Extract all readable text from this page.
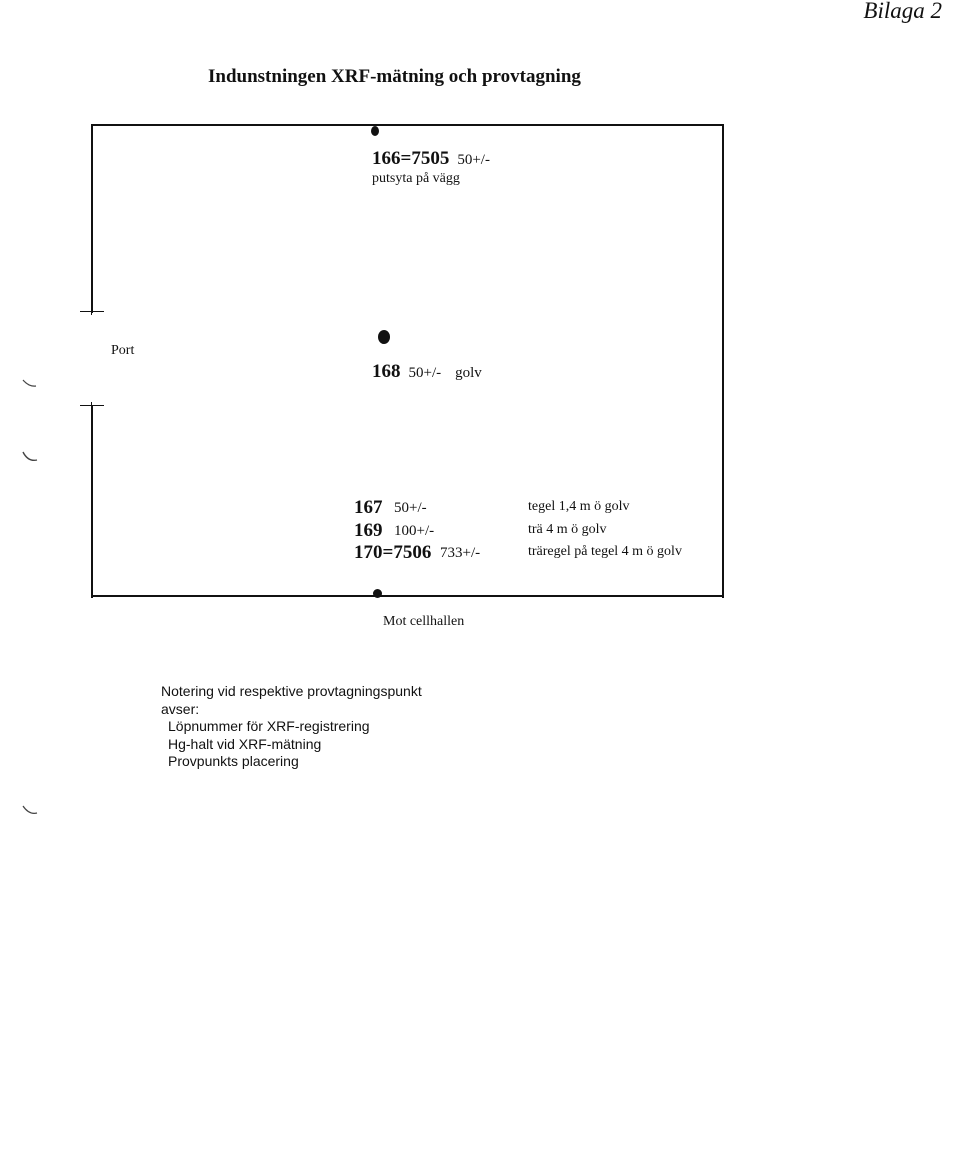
Bilaga 2
Indunstningen XRF-mätning och provtagning
Port
166=7505 50+/-
putsyta på vägg
168 50+/- golv
167 50+/-	tegel 1,4 m ö golv
169 100+/-	trä 4 m ö golv
170=7506 733+/-	träregel på tegel 4 m ö golv
Mot cellhallen
Notering vid respektive provtagningspunkt
avser:
Löpnummer för XRF-registrering
Hg-halt vid XRF-mätning
Provpunkts placering
